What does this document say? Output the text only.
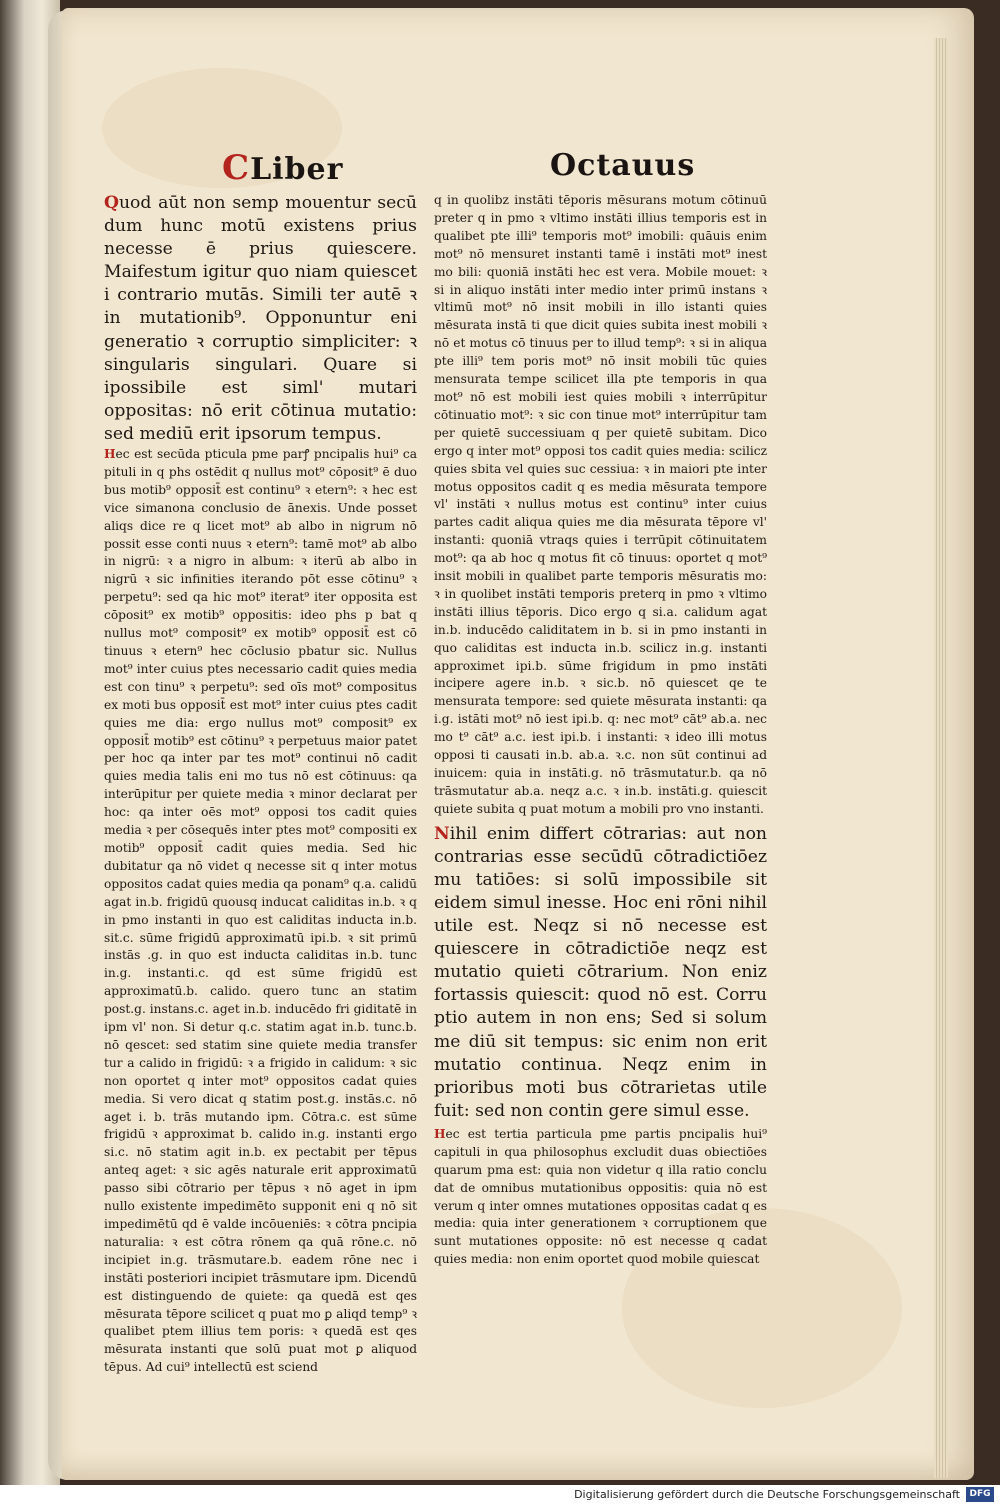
CLiber	Octauus

Quod aūt non semp mouentur secū dum hunc motū existens prius necesse ē prius quiescere. Maifestum igitur quo niam quiescet i contrario mutās. Simili ter autē ꝛ in mutationib⁹. Opponuntur eni generatio ꝛ corruptio simpliciter: ꝛ singularis singulari. Quare si ipossibile est siml' mutari oppositas: nō erit cōtinua mutatio: sed mediū erit ipsorum tempus.

Hec est secūda pticula pme parꝭ pncipalis hui⁹ ca pituli in q phs ostēdit q nullus mot⁹ cōposit⁹ ē duo bus motib⁹ opposit̄ est continu⁹ ꝛ etern⁹: ꝛ hec est vice simanona conclusio de ānexis. Unde posset aliqs dice re q licet mot⁹ ab albo in nigrum nō possit esse conti nuus ꝛ etern⁹: tamē mot⁹ ab albo in nigrū: ꝛ a nigro in album: ꝛ iterū ab albo in nigrū ꝛ sic infinities iterando pōt esse cōtinu⁹ ꝛ perpetu⁹: sed qa hic mot⁹ iterat⁹ iter opposita est cōposit⁹ ex motib⁹ oppositis: ideo phs p bat q nullus mot⁹ composit⁹ ex motib⁹ opposit̄ est cō tinuus ꝛ etern⁹ hec cōclusio pbatur sic. Nullus mot⁹ inter cuius ptes necessario cadit quies media est con tinu⁹ ꝛ perpetu⁹: sed oīs mot⁹ compositus ex moti bus opposit̄ est mot⁹ inter cuius ptes cadit quies me dia: ergo nullus mot⁹ composit⁹ ex opposit̄ motib⁹ est cōtinu⁹ ꝛ perpetuus maior patet per hoc qa inter par tes mot⁹ continui nō cadit quies media talis eni mo tus nō est cōtinuus: qa interūpitur per quiete media ꝛ minor declarat per hoc: qa inter oēs mot⁹ opposi tos cadit quies media ꝛ per cōsequēs inter ptes mot⁹ compositi ex motib⁹ opposit̄ cadit quies media. Sed hic dubitatur qa nō videt q necesse sit q inter motus oppositos cadat quies media qa ponam⁹ q.a. calidū agat in.b. frigidū quousq inducat caliditas in.b. ꝛ q in pmo instanti in quo est caliditas inducta in.b. sit.c. sūme frigidū approximatū ipi.b. ꝛ sit primū instās .g. in quo est inducta caliditas in.b. tunc in.g. instanti.c. qd est sūme frigidū est approximatū.b. calido. quero tunc an statim post.g. instans.c. aget in.b. inducēdo fri giditatē in ipm vl' non. Si detur q.c. statim agat in.b. tunc.b. nō qescet: sed statim sine quiete media transfer tur a calido in frigidū: ꝛ a frigido in calidum: ꝛ sic non oportet q inter mot⁹ oppositos cadat quies media. Si vero dicat q statim post.g. instās.c. nō aget i. b. trās mutando ipm. Cōtra.c. est sūme frigidū ꝛ approximat b. calido in.g. instanti ergo si.c. nō statim agit in.b. ex pectabit per tēpus anteq aget: ꝛ sic agēs naturale erit approximatū passo sibi cōtrario per tēpus ꝛ nō aget in ipm nullo existente impedimēto supponit eni q nō sit impedimētū qd ē valde incōueniēs: ꝛ cōtra pncipia naturalia: ꝛ est cōtra rōnem qa quā rōne.c. nō incipiet in.g. trāsmutare.b. eadem rōne nec i instāti posteriori incipiet trāsmutare ipm. Dicendū est distinguendo de quiete: qa quedā est qes mēsurata tēpore scilicet q puat mo ꝑ aliqd temp⁹ ꝛ qualibet ptem illius tem poris: ꝛ quedā est qes mēsurata instanti que solū puat mot ꝑ aliquod tēpus. Ad cui⁹ intellectū est sciend

q in quolibz instāti tēporis mēsurans motum cōtinuū preter q in pmo ꝛ vltimo instāti illius temporis est in qualibet pte illi⁹ temporis mot⁹ imobili: quāuis enim mot⁹ nō mensuret instanti tamē i instāti mot⁹ inest mo bili: quoniā instāti hec est vera. Mobile mouet: ꝛ si in aliquo instāti inter medio inter primū instans ꝛ vltimū mot⁹ nō insit mobili in illo istanti quies mēsurata instā ti que dicit quies subita inest mobili ꝛ nō et motus cō tinuus per to illud temp⁹: ꝛ si in aliqua pte illi⁹ tem poris mot⁹ nō insit mobili tūc quies mensurata tempe scilicet illa pte temporis in qua mot⁹ nō est mobili iest quies mobili ꝛ interrūpitur cōtinuatio mot⁹: ꝛ sic con tinue mot⁹ interrūpitur tam per quietē successiuam q per quietē subitam. Dico ergo q inter mot⁹ opposi tos cadit quies media: scilicz quies sbita vel quies suc cessiua: ꝛ in maiori pte inter motus oppositos cadit q es media mēsurata tempore vl' instāti ꝛ nullus motus est continu⁹ inter cuius partes cadit aliqua quies me dia mēsurata tēpore vl' instanti: quoniā vtraqs quies i terrūpit cōtinuitatem mot⁹: qa ab hoc q motus fit cō tinuus: oportet q mot⁹ insit mobili in qualibet parte temporis mēsuratis mo: ꝛ in quolibet instāti temporis preterq in pmo ꝛ vltimo instāti illius tēporis. Dico ergo q si.a. calidum agat in.b. inducēdo caliditatem in b. si in pmo instanti in quo caliditas est inducta in.b. scilicz in.g. instanti approximet ipi.b. sūme frigidum in pmo instāti incipere agere in.b. ꝛ sic.b. nō quiescet qe te mensurata tempore: sed quiete mēsurata instanti: qa i.g. istāti mot⁹ nō iest ipi.b. q: nec mot⁹ cāt⁹ ab.a. nec mo t⁹ cāt⁹ a.c. iest ipi.b. i instanti: ꝛ ideo illi motus opposi ti causati in.b. ab.a. ꝛ.c. non sūt continui ad inuicem: quia in instāti.g. nō trāsmutatur.b. qa nō trāsmutatur ab.a. neqz a.c. ꝛ in.b. instāti.g. quiescit quiete subita q puat motum a mobili pro vno instanti.

Nihil enim differt cōtrarias: aut non contrarias esse secūdū cōtradictiōez mu tatiōes: si solū impossibile sit eidem simul inesse. Hoc eni rōni nihil utile est. Neqz si nō necesse est quiescere in cōtradictiōe neqz est mutatio quieti cōtrarium. Non eniz fortassis quiescit: quod nō est. Corru ptio autem in non ens; Sed si solum me diū sit tempus: sic enim non erit mutatio continua. Neqz enim in prioribus moti bus cōtrarietas utile fuit: sed non contin gere simul esse.

Hec est tertia particula pme partis pncipalis hui⁹ capituli in qua philosophus excludit duas obiectiōes quarum pma est: quia non videtur q illa ratio conclu dat de omnibus mutationibus oppositis: quia nō est verum q inter omnes mutationes oppositas cadat q es media: quia inter generationem ꝛ corruptionem que sunt mutationes opposite: nō est necesse q cadat quies media: non enim oportet quod mobile quiescat

Digitalisierung gefördert durch die Deutsche Forschungsgemeinschaft	DFG
